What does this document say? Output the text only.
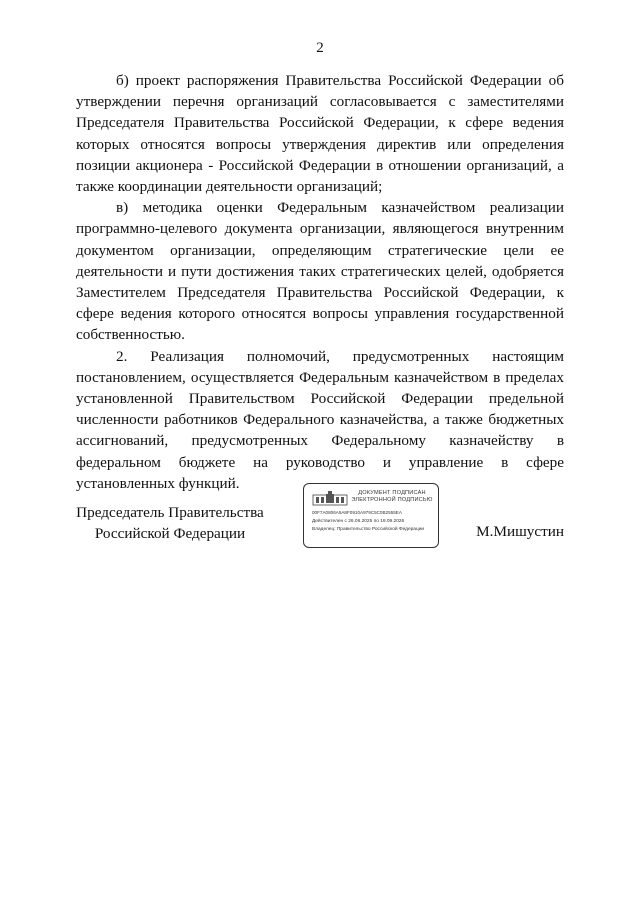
2

б) проект распоряжения Правительства Российской Федерации об утверждении перечня организаций согласовывается с заместителями Председателя Правительства Российской Федерации, к сфере ведения которых относятся вопросы утверждения директив или определения позиции акционера - Российской Федерации в отношении организаций, а также координации деятельности организаций;

в) методика оценки Федеральным казначейством реализации программно-целевого документа организации, являющегося внутренним документом организации, определяющим стратегические цели ее деятельности и пути достижения таких стратегических целей, одобряется Заместителем Председателя Правительства Российской Федерации, к сфере ведения которого относятся вопросы управления государственной собственностью.

2. Реализация полномочий, предусмотренных настоящим постановлением, осуществляется Федеральным казначейством в пределах установленной Правительством Российской Федерации предельной численности работников Федерального казначейства, а также бюджетных ассигнований, предусмотренных Федеральному казначейству в федеральном бюджете на руководство и управление в сфере установленных функций.

Председатель Правительства
Российской Федерации
ДОКУМЕНТ ПОДПИСАН
ЭЛЕКТРОННОЙ ПОДПИСЬЮ
00F7A0806A5A8F0910A979C5C0B2555EA
Действителен с 26.06.2025 по 19.09.2026
Владелец: Правительство Российской Федерации	М.Мишустин
